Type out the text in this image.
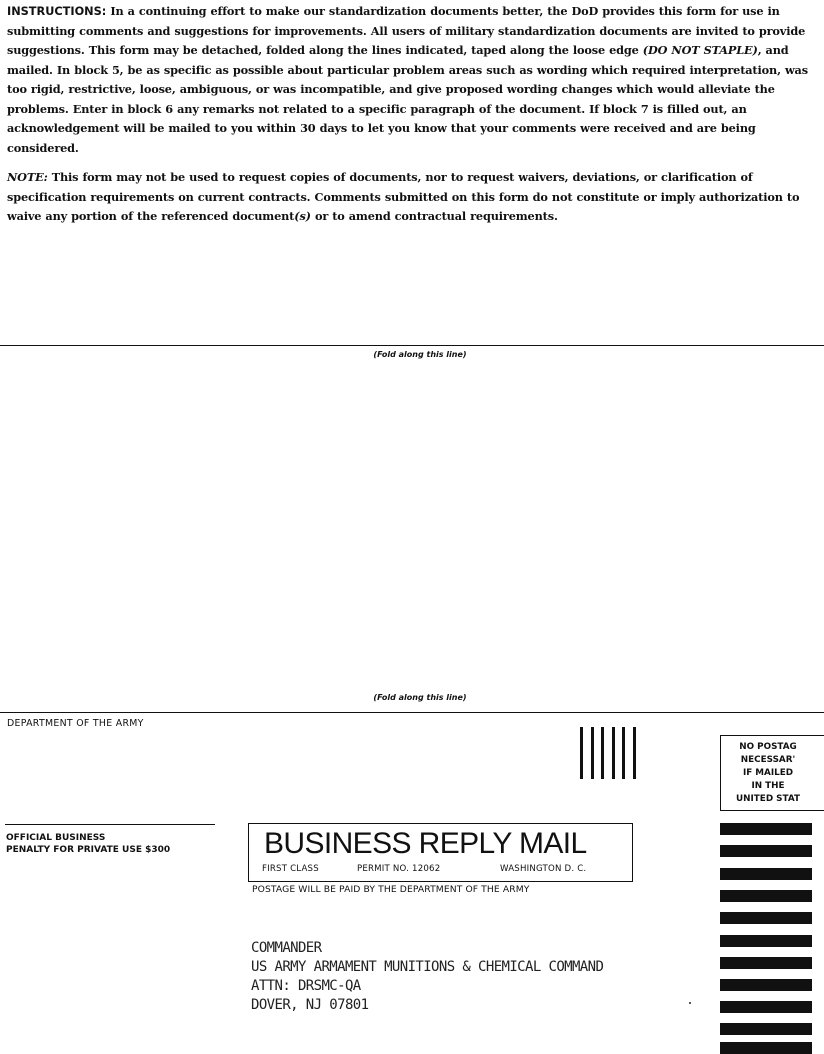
INSTRUCTIONS: In a continuing effort to make our standardization documents better, the DoD provides this form for use in submitting comments and suggestions for improvements. All users of military standardization documents are invited to provide suggestions. This form may be detached, folded along the lines indicated, taped along the loose edge (DO NOT STAPLE), and mailed. In block 5, be as specific as possible about particular problem areas such as wording which required interpretation, was too rigid, restrictive, loose, ambiguous, or was incompatible, and give proposed wording changes which would alleviate the problems. Enter in block 6 any remarks not related to a specific paragraph of the document. If block 7 is filled out, an acknowledgement will be mailed to you within 30 days to let you know that your comments were received and are being considered.

NOTE: This form may not be used to request copies of documents, nor to request waivers, deviations, or clarification of specification requirements on current contracts. Comments submitted on this form do not constitute or imply authorization to waive any portion of the referenced document(s) or to amend contractual requirements.

(Fold along this line)
(Fold along this line)
DEPARTMENT OF THE ARMY
NO POSTAG
NECESSAR'
IF MAILED
IN THE
UNITED STAT
OFFICIAL BUSINESS
PENALTY FOR PRIVATE USE $300	BUSINESS REPLY MAIL
FIRST CLASS	PERMIT NO. 12062	WASHINGTON D. C.
POSTAGE WILL BE PAID BY THE DEPARTMENT OF THE ARMY
COMMANDER
US ARMY ARMAMENT MUNITIONS & CHEMICAL COMMAND
ATTN: DRSMC-QA
DOVER, NJ 07801
